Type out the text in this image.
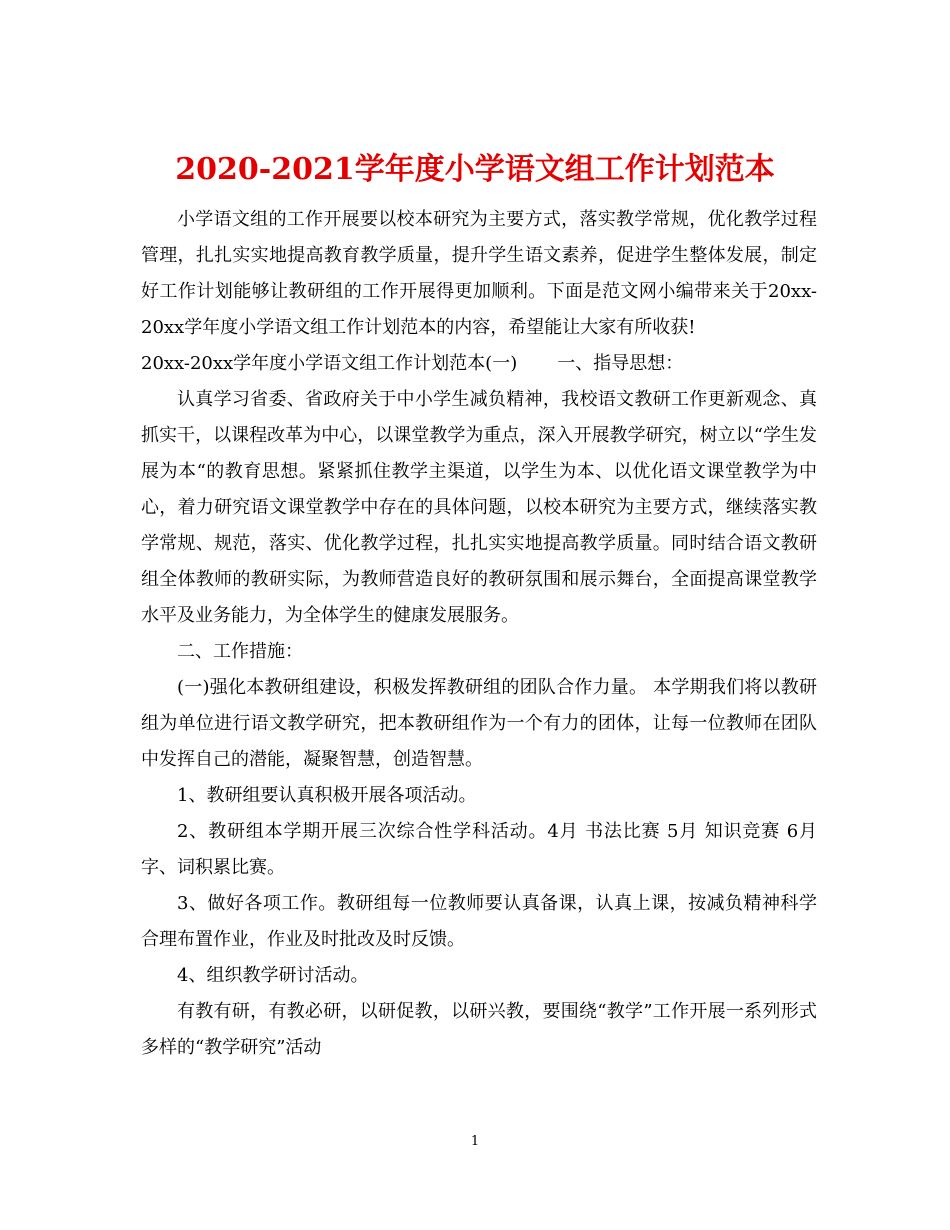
2020-2021学年度小学语文组工作计划范本

小学语文组的工作开展要以校本研究为主要方式，落实教学常规，优化教学过程管理，扎扎实实地提高教育教学质量，提升学生语文素养，促进学生整体发展，制定好工作计划能够让教研组的工作开展得更加顺利。下面是范文网小编带来关于20xx-20xx学年度小学语文组工作计划范本的内容，希望能让大家有所收获!

20xx-20xx学年度小学语文组工作计划范本(一) 一、指导思想：

认真学习省委、省政府关于中小学生减负精神，我校语文教研工作更新观念、真抓实干，以课程改革为中心，以课堂教学为重点，深入开展教学研究，树立以“学生发展为本“的教育思想。紧紧抓住教学主渠道，以学生为本、以优化语文课堂教学为中心，着力研究语文课堂教学中存在的具体问题，以校本研究为主要方式，继续落实教学常规、规范，落实、优化教学过程，扎扎实实地提高教学质量。同时结合语文教研组全体教师的教研实际，为教师营造良好的教研氛围和展示舞台，全面提高课堂教学水平及业务能力，为全体学生的健康发展服务。

二、工作措施：

(一)强化本教研组建设，积极发挥教研组的团队合作力量。 本学期我们将以教研组为单位进行语文教学研究，把本教研组作为一个有力的团体，让每一位教师在团队中发挥自己的潜能，凝聚智慧，创造智慧。

1、教研组要认真积极开展各项活动。

2、教研组本学期开展三次综合性学科活动。4月 书法比赛 5月 知识竞赛 6月 字、词积累比赛。

3、做好各项工作。教研组每一位教师要认真备课，认真上课，按减负精神科学合理布置作业，作业及时批改及时反馈。

4、组织教学研讨活动。

有教有研，有教必研，以研促教，以研兴教，要围绕“教学”工作开展一系列形式多样的“教学研究”活动

1
